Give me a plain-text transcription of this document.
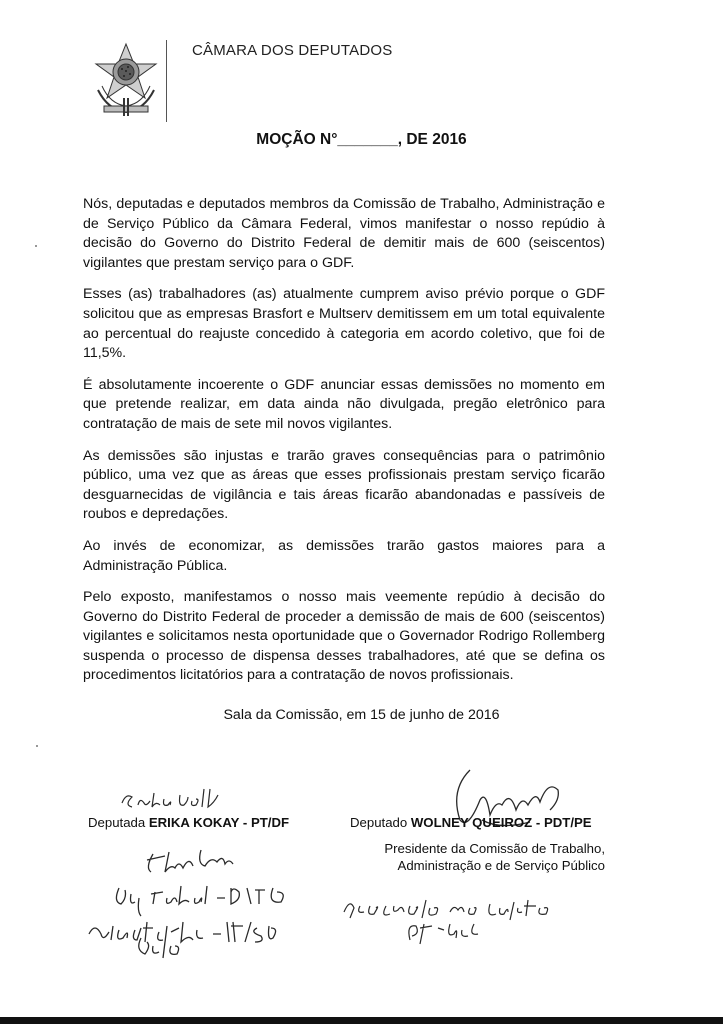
CÂMARA DOS DEPUTADOS
MOÇÃO N°_______, DE 2016

Nós, deputadas e deputados membros da Comissão de Trabalho, Administração e de Serviço Público da Câmara Federal, vimos manifestar o nosso repúdio à decisão do Governo do Distrito Federal de demitir mais de 600 (seiscentos) vigilantes que prestam serviço para o GDF.

Esses (as) trabalhadores (as) atualmente cumprem aviso prévio porque o GDF solicitou que as empresas Brasfort e Multserv demitissem em um total equivalente ao percentual do reajuste concedido à categoria em acordo coletivo, que foi de 11,5%.

É absolutamente incoerente o GDF anunciar essas demissões no momento em que pretende realizar, em data ainda não divulgada, pregão eletrônico para contratação de mais de sete mil novos vigilantes.

As demissões são injustas e trarão graves consequências para o patrimônio público, uma vez que as áreas que esses profissionais prestam serviço ficarão desguarnecidas de vigilância e tais áreas ficarão abandonadas e passíveis de roubos e depredações.

Ao invés de economizar, as demissões trarão gastos maiores para a Administração Pública.

Pelo exposto, manifestamos o nosso mais veemente repúdio à decisão do Governo do Distrito Federal de proceder a demissão de mais de 600 (seiscentos) vigilantes e solicitamos nesta oportunidade que o Governador Rodrigo Rollemberg suspenda o processo de dispensa desses trabalhadores, até que se defina os procedimentos licitatórios para a contratação de novos profissionais.

Sala da Comissão, em 15 de junho de 2016
Deputada ERIKA KOKAY - PT/DF	Deputado WOLNEY QUEIROZ - PDT/PE
Presidente da Comissão de Trabalho,
Administração e de Serviço Público
